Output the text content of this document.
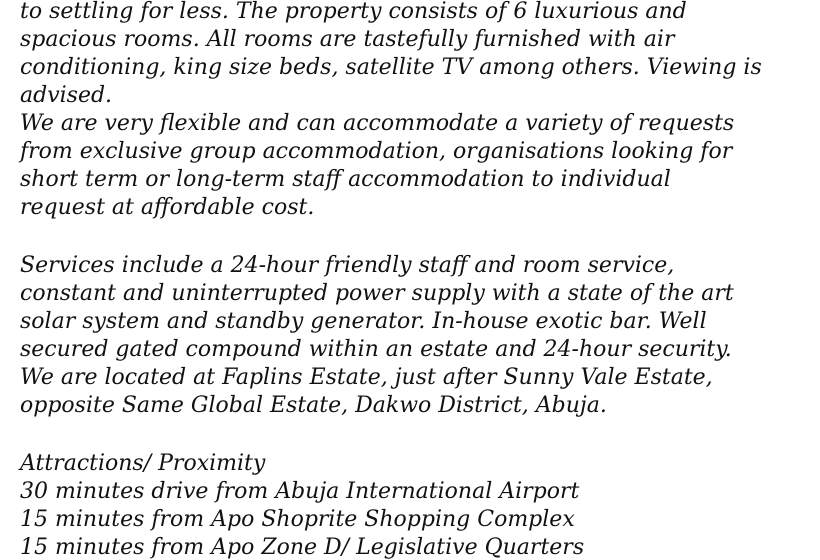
to settling for less. The property consists of 6 luxurious and
spacious rooms. All rooms are tastefully furnished with air
conditioning, king size beds, satellite TV among others. Viewing is
advised.
We are very flexible and can accommodate a variety of requests
from exclusive group accommodation, organisations looking for
short term or long-term staff accommodation to individual
request at affordable cost.
Services include a 24-hour friendly staff and room service,
constant and uninterrupted power supply with a state of the art
solar system and standby generator. In-house exotic bar. Well
secured gated compound within an estate and 24-hour security.
We are located at Faplins Estate, just after Sunny Vale Estate,
opposite Same Global Estate, Dakwo District, Abuja.
Attractions/ Proximity
30 minutes drive from Abuja International Airport
15 minutes from Apo Shoprite Shopping Complex
15 minutes from Apo Zone D/ Legislative Quarters
